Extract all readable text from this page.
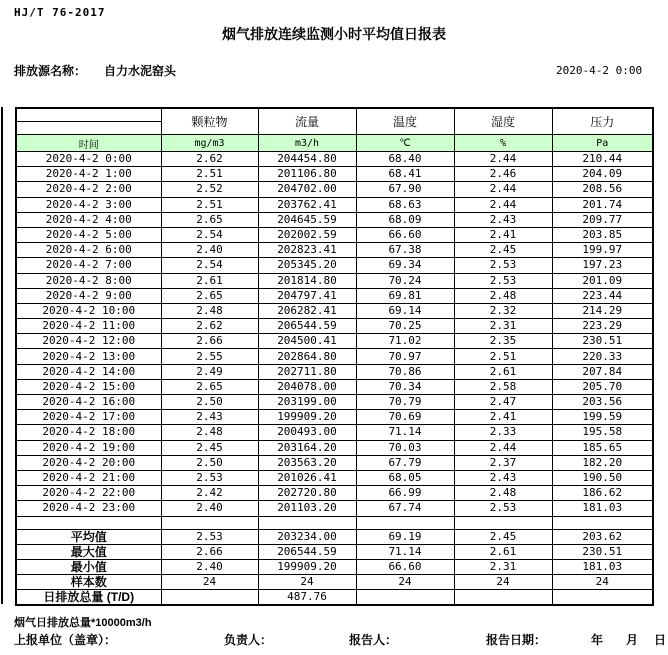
HJ/T 76-2017
烟气排放连续监测小时平均值日报表
排放源名称： 自力水泥窑头	2020-4-2 0:00
	颗粒物	流量	温度	湿度	压力

时间	mg/m3	m3/h	℃	%	Pa
2020-4-2 0:00	2.62	204454.80	68.40	2.44	210.44
2020-4-2 1:00	2.51	201106.80	68.41	2.46	204.09
2020-4-2 2:00	2.52	204702.00	67.90	2.44	208.56
2020-4-2 3:00	2.51	203762.41	68.63	2.44	201.74
2020-4-2 4:00	2.65	204645.59	68.09	2.43	209.77
2020-4-2 5:00	2.54	202002.59	66.60	2.41	203.85
2020-4-2 6:00	2.40	202823.41	67.38	2.45	199.97
2020-4-2 7:00	2.54	205345.20	69.34	2.53	197.23
2020-4-2 8:00	2.61	201814.80	70.24	2.53	201.09
2020-4-2 9:00	2.65	204797.41	69.81	2.48	223.44
2020-4-2 10:00	2.48	206282.41	69.14	2.32	214.29
2020-4-2 11:00	2.62	206544.59	70.25	2.31	223.29
2020-4-2 12:00	2.66	204500.41	71.02	2.35	230.51
2020-4-2 13:00	2.55	202864.80	70.97	2.51	220.33
2020-4-2 14:00	2.49	202711.80	70.86	2.61	207.84
2020-4-2 15:00	2.65	204078.00	70.34	2.58	205.70
2020-4-2 16:00	2.50	203199.00	70.79	2.47	203.56
2020-4-2 17:00	2.43	199909.20	70.69	2.41	199.59
2020-4-2 18:00	2.48	200493.00	71.14	2.33	195.58
2020-4-2 19:00	2.45	203164.20	70.03	2.44	185.65
2020-4-2 20:00	2.50	203563.20	67.79	2.37	182.20
2020-4-2 21:00	2.53	201026.41	68.05	2.43	190.50
2020-4-2 22:00	2.42	202720.80	66.99	2.48	186.62
2020-4-2 23:00	2.40	201103.20	67.74	2.53	181.03

平均值	2.53	203234.00	69.19	2.45	203.62
最大值	2.66	206544.59	71.14	2.61	230.51
最小值	2.40	199909.20	66.60	2.31	181.03
样本数	24	24	24	24	24
日排放总量 (T/D)		487.76			
烟气日排放总量*10000m3/h
上报单位（盖章）：	负责人：	报告人：	报告日期：	年 月 日
